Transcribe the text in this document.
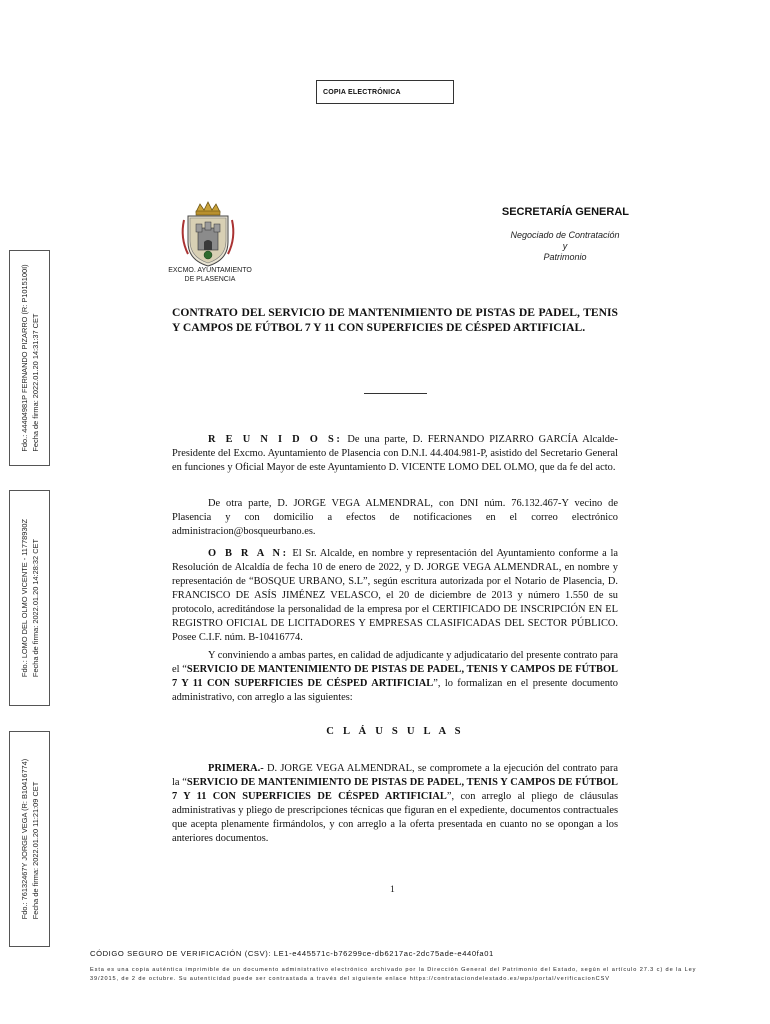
COPIA ELECTRÓNICA
EXCMO. AYUNTAMIENTO
DE PLASENCIA
SECRETARÍA GENERAL
Negociado de Contratación
y
Patrimonio
Fdo.: 44404981P FERNANDO PIZARRO (R: P1015100I) Fecha de firma: 2022.01.20 14:31:37 CET
Fdo.: LOMO DEL OLMO VICENTE - 11778930Z Fecha de firma: 2022.01.20 14:28:32 CET
Fdo.: 76132467Y JORGE VEGA (R: B10416774) Fecha de firma: 2022.01.20 11:21:09 CET
CONTRATO DEL SERVICIO DE MANTENIMIENTO DE PISTAS DE PADEL, TENIS Y CAMPOS DE FÚTBOL 7 Y 11 CON SUPERFICIES DE CÉSPED ARTIFICIAL.
R E U N I D O S: De una parte, D. FERNANDO PIZARRO GARCÍA Alcalde-Presidente del Excmo. Ayuntamiento de Plasencia con D.N.I. 44.404.981-P, asistido del Secretario General en funciones y Oficial Mayor de este Ayuntamiento D. VICENTE LOMO DEL OLMO, que da fe del acto.
De otra parte, D. JORGE VEGA ALMENDRAL, con DNI núm. 76.132.467-Y vecino de Plasencia y con domicilio a efectos de notificaciones en el correo electrónico administracion@bosqueurbano.es.
O B R A N: El Sr. Alcalde, en nombre y representación del Ayuntamiento conforme a la Resolución de Alcaldía de fecha 10 de enero de 2022, y D. JORGE VEGA ALMENDRAL, en nombre y representación de “BOSQUE URBANO, S.L”, según escritura autorizada por el Notario de Plasencia, D. FRANCISCO DE ASÍS JIMÉNEZ VELASCO, el 20 de diciembre de 2013 y número 1.550 de su protocolo, acreditándose la personalidad de la empresa por el CERTIFICADO DE INSCRIPCIÓN EN EL REGISTRO OFICIAL DE LICITADORES Y EMPRESAS CLASIFICADAS DEL SECTOR PÚBLICO. Posee C.I.F. núm. B-10416774.
Y conviniendo a ambas partes, en calidad de adjudicante y adjudicatario del presente contrato para el “SERVICIO DE MANTENIMIENTO DE PISTAS DE PADEL, TENIS Y CAMPOS DE FÚTBOL 7 Y 11 CON SUPERFICIES DE CÉSPED ARTIFICIAL”, lo formalizan en el presente documento administrativo, con arreglo a las siguientes:
C L Á U S U L A S
PRIMERA.- D. JORGE VEGA ALMENDRAL, se compromete a la ejecución del contrato para la “SERVICIO DE MANTENIMIENTO DE PISTAS DE PADEL, TENIS Y CAMPOS DE FÚTBOL 7 Y 11 CON SUPERFICIES DE CÉSPED ARTIFICIAL”, con arreglo al pliego de cláusulas administrativas y pliego de prescripciones técnicas que figuran en el expediente, documentos contractuales que acepta plenamente firmándolos, y con arreglo a la oferta presentada en cuanto no se opongan a los anteriores documentos.
1
CÓDIGO SEGURO DE VERIFICACIÓN (CSV): LE1-e445571c-b76299ce-db6217ac-2dc75ade-e440fa01
Esta es una copia auténtica imprimible de un documento administrativo electrónico archivado por la Dirección General del Patrimonio del Estado, según el artículo 27.3 c) de la Ley 39/2015, de 2 de octubre. Su autenticidad puede ser contrastada a través del siguiente enlace https://contrataciondelestado.es/wps/portal/verificacionCSV
